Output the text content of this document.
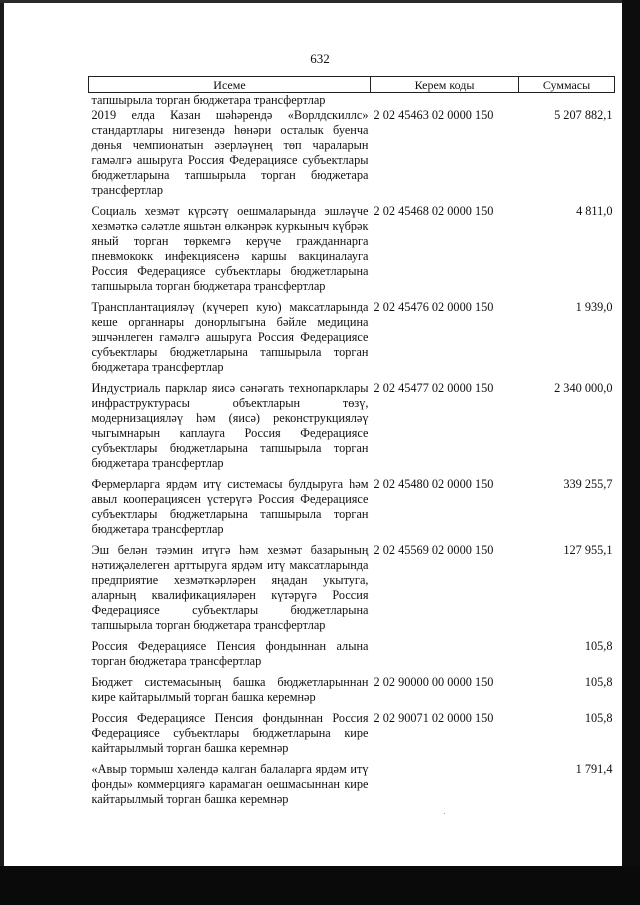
632
Исеме	Керем коды	Суммасы
тапшырыла торган бюджетара трансфертлар		
2019 елда Казан шәһәрендә «Ворлдскиллс» стандартлары нигезендә һөнәри осталык буенча дөнья чемпионатын әзерләүнең төп чараларын гамәлгә ашыруга Россия Федерациясе субъектлары бюджетларына тапшырыла торган бюджетара трансфертлар	2 02 45463 02 0000 150	5 207 882,1
Социаль хезмәт күрсәтү оешмаларында эшләүче хезмәткә сәләтле яшьтән өлкәнрәк куркыныч күбрәк яный торган төркемгә керүче гражданнарга пневмококк инфекциясенә каршы вакциналауга Россия Федерациясе субъектлары бюджетларына тапшырыла торган бюджетара трансфертлар	2 02 45468 02 0000 150	4 811,0
Трансплантацияләү (күчереп кую) максатларында кеше органнары донорлыгына бәйле медицина эшчәнлеген гамәлгә ашыруга Россия Федерациясе субъектлары бюджетларына тапшырыла торган бюджетара трансфертлар	2 02 45476 02 0000 150	1 939,0
Индустриаль парклар яисә сәнәгать технопарклары инфраструктурасы объектларын төзү, модернизацияләү һәм (яисә) реконструкцияләү чыгымнарын каплауга Россия Федерациясе субъектлары бюджетларына тапшырыла торган бюджетара трансфертлар	2 02 45477 02 0000 150	2 340 000,0
Фермерларга ярдәм итү системасы булдыруга һәм авыл кооперациясен үстерүгә Россия Федерациясе субъектлары бюджетларына тапшырыла торган бюджетара трансфертлар	2 02 45480 02 0000 150	339 255,7
Эш белән тәэмин итүгә һәм хезмәт базарының нәтиҗәлелеген арттыруга ярдәм итү максатларында предприятие хезмәткәрләрен яңадан укытуга, аларның квалификацияләрен күтәрүгә Россия Федерациясе субъектлары бюджетларына тапшырыла торган бюджетара трансфертлар	2 02 45569 02 0000 150	127 955,1
Россия Федерациясе Пенсия фондыннан алына торган бюджетара трансфертлар		105,8
Бюджет системасының башка бюджетларыннан кире кайтарылмый торган башка керемнәр	2 02 90000 00 0000 150	105,8
Россия Федерациясе Пенсия фондыннан Россия Федерациясе субъектлары бюджетларына кире кайтарылмый торган башка керемнәр	2 02 90071 02 0000 150	105,8
«Авыр тормыш хәлендә калган балаларга ярдәм итү фонды» коммерциягә карамаган оешмасыннан кире кайтарылмый торган башка керемнәр		1 791,4
